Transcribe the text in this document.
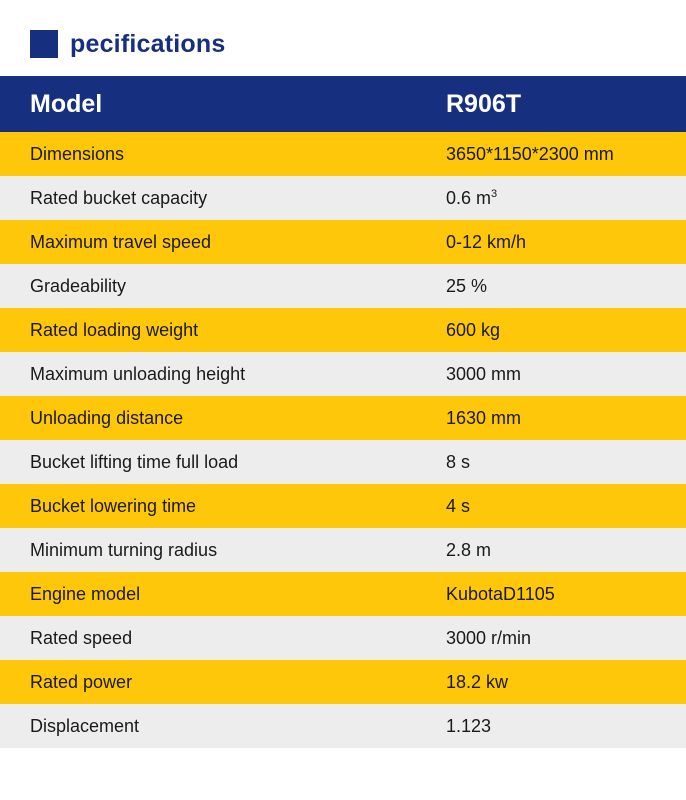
pecifications
Model	R906T
Dimensions	3650*1150*2300 mm
Rated bucket capacity	0.6 $m^3$
Maximum travel speed	0-12 km/h
Gradeability	25 %
Rated loading weight	600 kg
Maximum unloading height	3000 mm
Unloading distance	1630 mm
Bucket lifting time full load	8 s
Bucket lowering time	4 s
Minimum turning radius	2.8 m
Engine model	KubotaD1105
Rated speed	3000 r/min
Rated power	18.2 kw
Displacement	1.123
